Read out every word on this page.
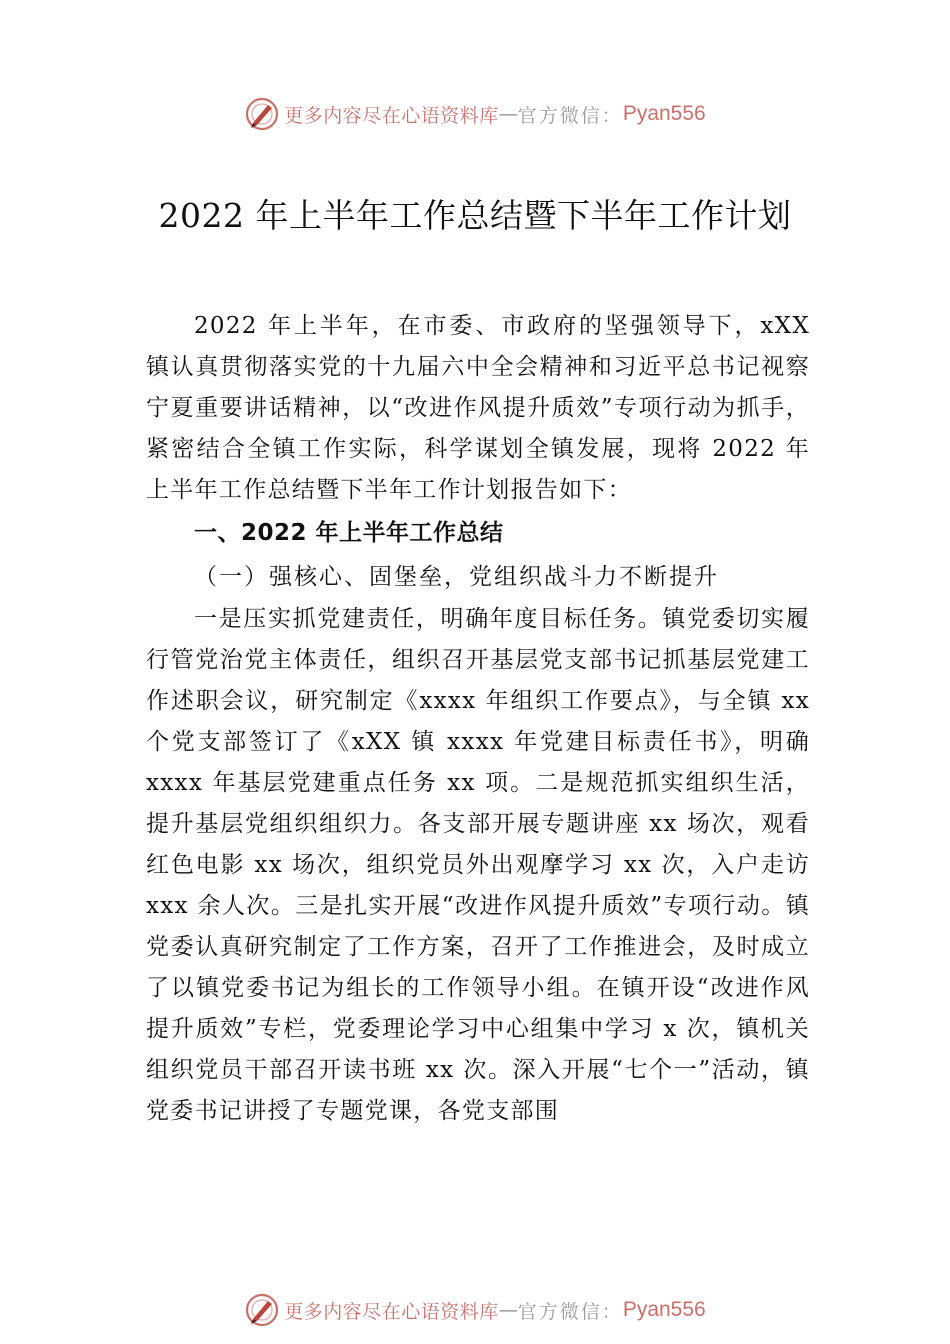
更多内容尽在心语资料库 — 官方微信： Pyan556
2022 年上半年工作总结暨下半年工作计划

2022 年上半年，在市委、市政府的坚强领导下，xXX 镇认真贯彻落实党的十九届六中全会精神和习近平总书记视察宁夏重要讲话精神，以“改进作风提升质效”专项行动为抓手， 紧密结合全镇工作实际，科学谋划全镇发展，现将 2022 年上半年工作总结暨下半年工作计划报告如下：

一、2022 年上半年工作总结

（一）强核心、固堡垒，党组织战斗力不断提升

一是压实抓党建责任，明确年度目标任务。镇党委切实履行管党治党主体责任，组织召开基层党支部书记抓基层党建工作述职会议，研究制定《xxxx 年组织工作要点》，与全镇 xx 个党支部签订了《xXX 镇 xxxx 年党建目标责任书》，明确 xxxx 年基层党建重点任务 xx 项。二是规范抓实组织生活， 提升基层党组织组织力。各支部开展专题讲座 xx 场次，观看红色电影 xx 场次，组织党员外出观摩学习 xx 次，入户走访 xxx 余人次。三是扎实开展“改进作风提升质效”专项行动。镇党委认真研究制定了工作方案，召开了工作推进会，及时成立了以镇党委书记为组长的工作领导小组。在镇开设“改进作风提升质效”专栏，党委理论学习中心组集中学习 x 次，镇机关组织党员干部召开读书班 xx 次。深入开展“七个一”活动，镇党委书记讲授了专题党课，各党支部围

更多内容尽在心语资料库 — 官方微信： Pyan556
